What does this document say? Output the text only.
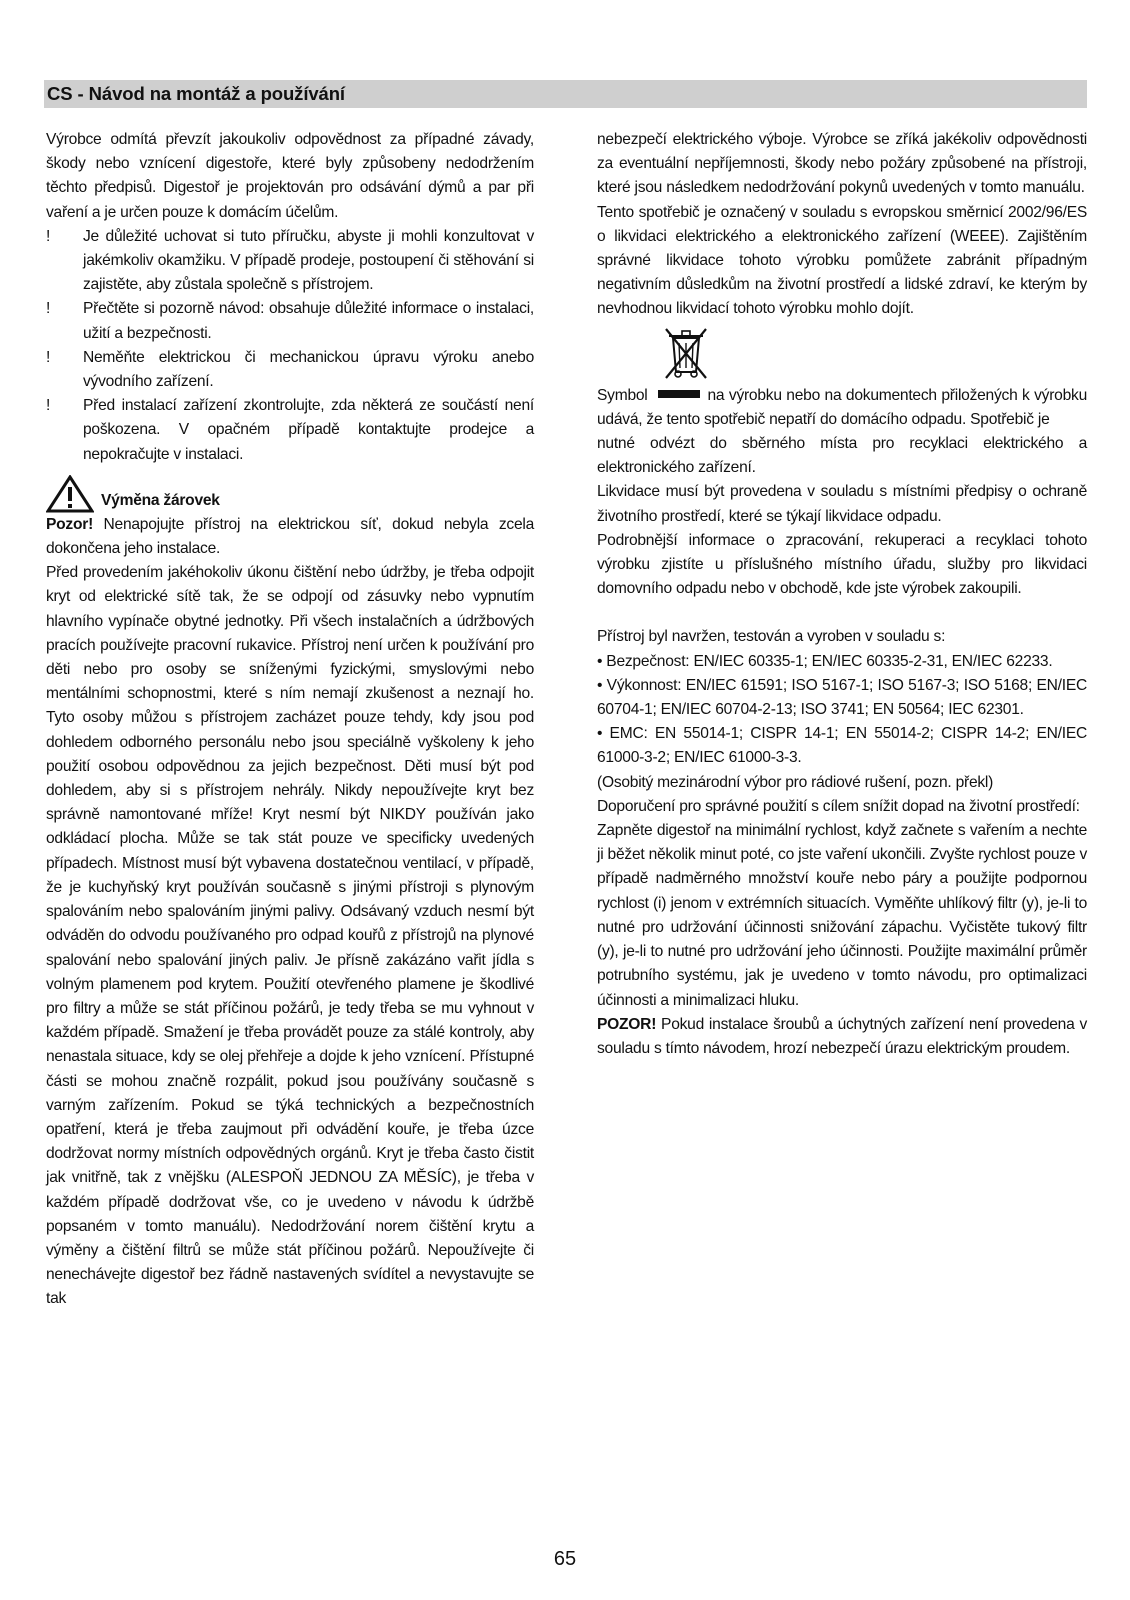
CS - Návod na montáž a používání

Výrobce odmítá převzít jakoukoliv odpovědnost za případné závady, škody nebo vznícení digestoře, které byly způsobeny nedodržením těchto předpisů. Digestoř je projektován pro odsávání dýmů a par při vaření a je určen pouze k domácím účelům.

! Je důležité uchovat si tuto příručku, abyste ji mohli konzultovat v jakémkoliv okamžiku. V případě prodeje, postoupení či stěhování si zajistěte, aby zůstala společně s přístrojem.
! Přečtěte si pozorně návod: obsahuje důležité informace o instalaci, užití a bezpečnosti.
! Neměňte elektrickou či mechanickou úpravu výroku anebo vývodního zařízení.
! Před instalací zařízení zkontrolujte, zda některá ze součástí není poškozena. V opačném případě kontaktujte prodejce a nepokračujte v instalaci.
Výměna žárovek

Pozor! Nenapojujte přístroj na elektrickou síť, dokud nebyla zcela dokončena jeho instalace.

Před provedením jakéhokoliv úkonu čištění nebo údržby, je třeba odpojit kryt od elektrické sítě tak, že se odpojí od zásuvky nebo vypnutím hlavního vypínače obytné jednotky. Při všech instalačních a údržbových pracích používejte pracovní rukavice. Přístroj není určen k používání pro děti nebo pro osoby se sníženými fyzickými, smyslovými nebo mentálními schopnostmi, které s ním nemají zkušenost a neznají ho. Tyto osoby můžou s přístrojem zacházet pouze tehdy, kdy jsou pod dohledem odborného personálu nebo jsou speciálně vyškoleny k jeho použití osobou odpovědnou za jejich bezpečnost. Děti musí být pod dohledem, aby si s přístrojem nehrály. Nikdy nepoužívejte kryt bez správně namontované mříže! Kryt nesmí být NIKDY používán jako odkládací plocha. Může se tak stát pouze ve specificky uvedených případech. Místnost musí být vybavena dostatečnou ventilací, v případě, že je kuchyňský kryt používán současně s jinými přístroji s plynovým spalováním nebo spalováním jinými palivy. Odsávaný vzduch nesmí být odváděn do odvodu používaného pro odpad kouřů z přístrojů na plynové spalování nebo spalování jiných paliv. Je přísně zakázáno vařit jídla s volným plamenem pod krytem. Použití otevřeného plamene je škodlivé pro filtry a může se stát příčinou požárů, je tedy třeba se mu vyhnout v každém případě. Smažení je třeba provádět pouze za stálé kontroly, aby nenastala situace, kdy se olej přehřeje a dojde k jeho vznícení. Přístupné části se mohou značně rozpálit, pokud jsou používány současně s varným zařízením. Pokud se týká technických a bezpečnostních opatření, která je třeba zaujmout při odvádění kouře, je třeba úzce dodržovat normy místních odpovědných orgánů. Kryt je třeba často čistit jak vnitřně, tak z vnějšku (ALESPOŇ JEDNOU ZA MĚSÍC), je třeba v každém případě dodržovat vše, co je uvedeno v návodu k údržbě popsaném v tomto manuálu). Nedodržování norem čištění krytu a výměny a čištění filtrů se může stát příčinou požárů. Nepoužívejte či nenechávejte digestoř bez řádně nastavených svídítel a nevystavujte se tak

nebezpečí elektrického výboje. Výrobce se zříká jakékoliv odpovědnosti za eventuální nepříjemnosti, škody nebo požáry způsobené na přístroji, které jsou následkem nedodržování pokynů uvedených v tomto manuálu.

Tento spotřebič je označený v souladu s evropskou směrnicí 2002/96/ES o likvidaci elektrického a elektronického zařízení (WEEE). Zajištěním správné likvidace tohoto výrobku pomůžete zabránit případným negativním důsledkům na životní prostředí a lidské zdraví, ke kterým by nevhodnou likvidací tohoto výrobku mohlo dojít.

Symbol	na výrobku nebo na dokumentech přiložených k výrobku udává, že tento spotřebič nepatří do domácího odpadu. Spotřebič je

nutné odvézt do sběrného místa pro recyklaci elektrického a elektronického zařízení.

Likvidace musí být provedena v souladu s místními předpisy o ochraně životního prostředí, které se týkají likvidace odpadu.

Podrobnější informace o zpracování, rekuperaci a recyklaci tohoto výrobku zjistíte u příslušného místního úřadu, služby pro likvidaci domovního odpadu nebo v obchodě, kde jste výrobek zakoupili.

Přístroj byl navržen, testován a vyroben v souladu s:

• Bezpečnost: EN/IEC 60335-1; EN/IEC 60335-2-31, EN/IEC 62233.

• Výkonnost: EN/IEC 61591; ISO 5167-1; ISO 5167-3; ISO 5168; EN/IEC 60704-1; EN/IEC 60704-2-13; ISO 3741; EN 50564; IEC 62301.

• EMC: EN 55014-1; CISPR 14-1; EN 55014-2; CISPR 14-2; EN/IEC 61000-3-2; EN/IEC 61000-3-3.

(Osobitý mezinárodní výbor pro rádiové rušení, pozn. překl)

Doporučení pro správné použití s cílem snížit dopad na životní prostředí:

Zapněte digestoř na minimální rychlost, když začnete s vařením a nechte ji běžet několik minut poté, co jste vaření ukončili. Zvyšte rychlost pouze v případě nadměrného množství kouře nebo páry a použijte podpornou rychlost (i) jenom v extrémních situacích. Vyměňte uhlíkový filtr (y), je-li to nutné pro udržování účinnosti snižování zápachu. Vyčistěte tukový filtr (y), je-li to nutné pro udržování jeho účinnosti. Použijte maximální průměr potrubního systému, jak je uvedeno v tomto návodu, pro optimalizaci účinnosti a minimalizaci hluku.

POZOR! Pokud instalace šroubů a úchytných zařízení není provedena v souladu s tímto návodem, hrozí nebezpečí úrazu elektrickým proudem.

65
